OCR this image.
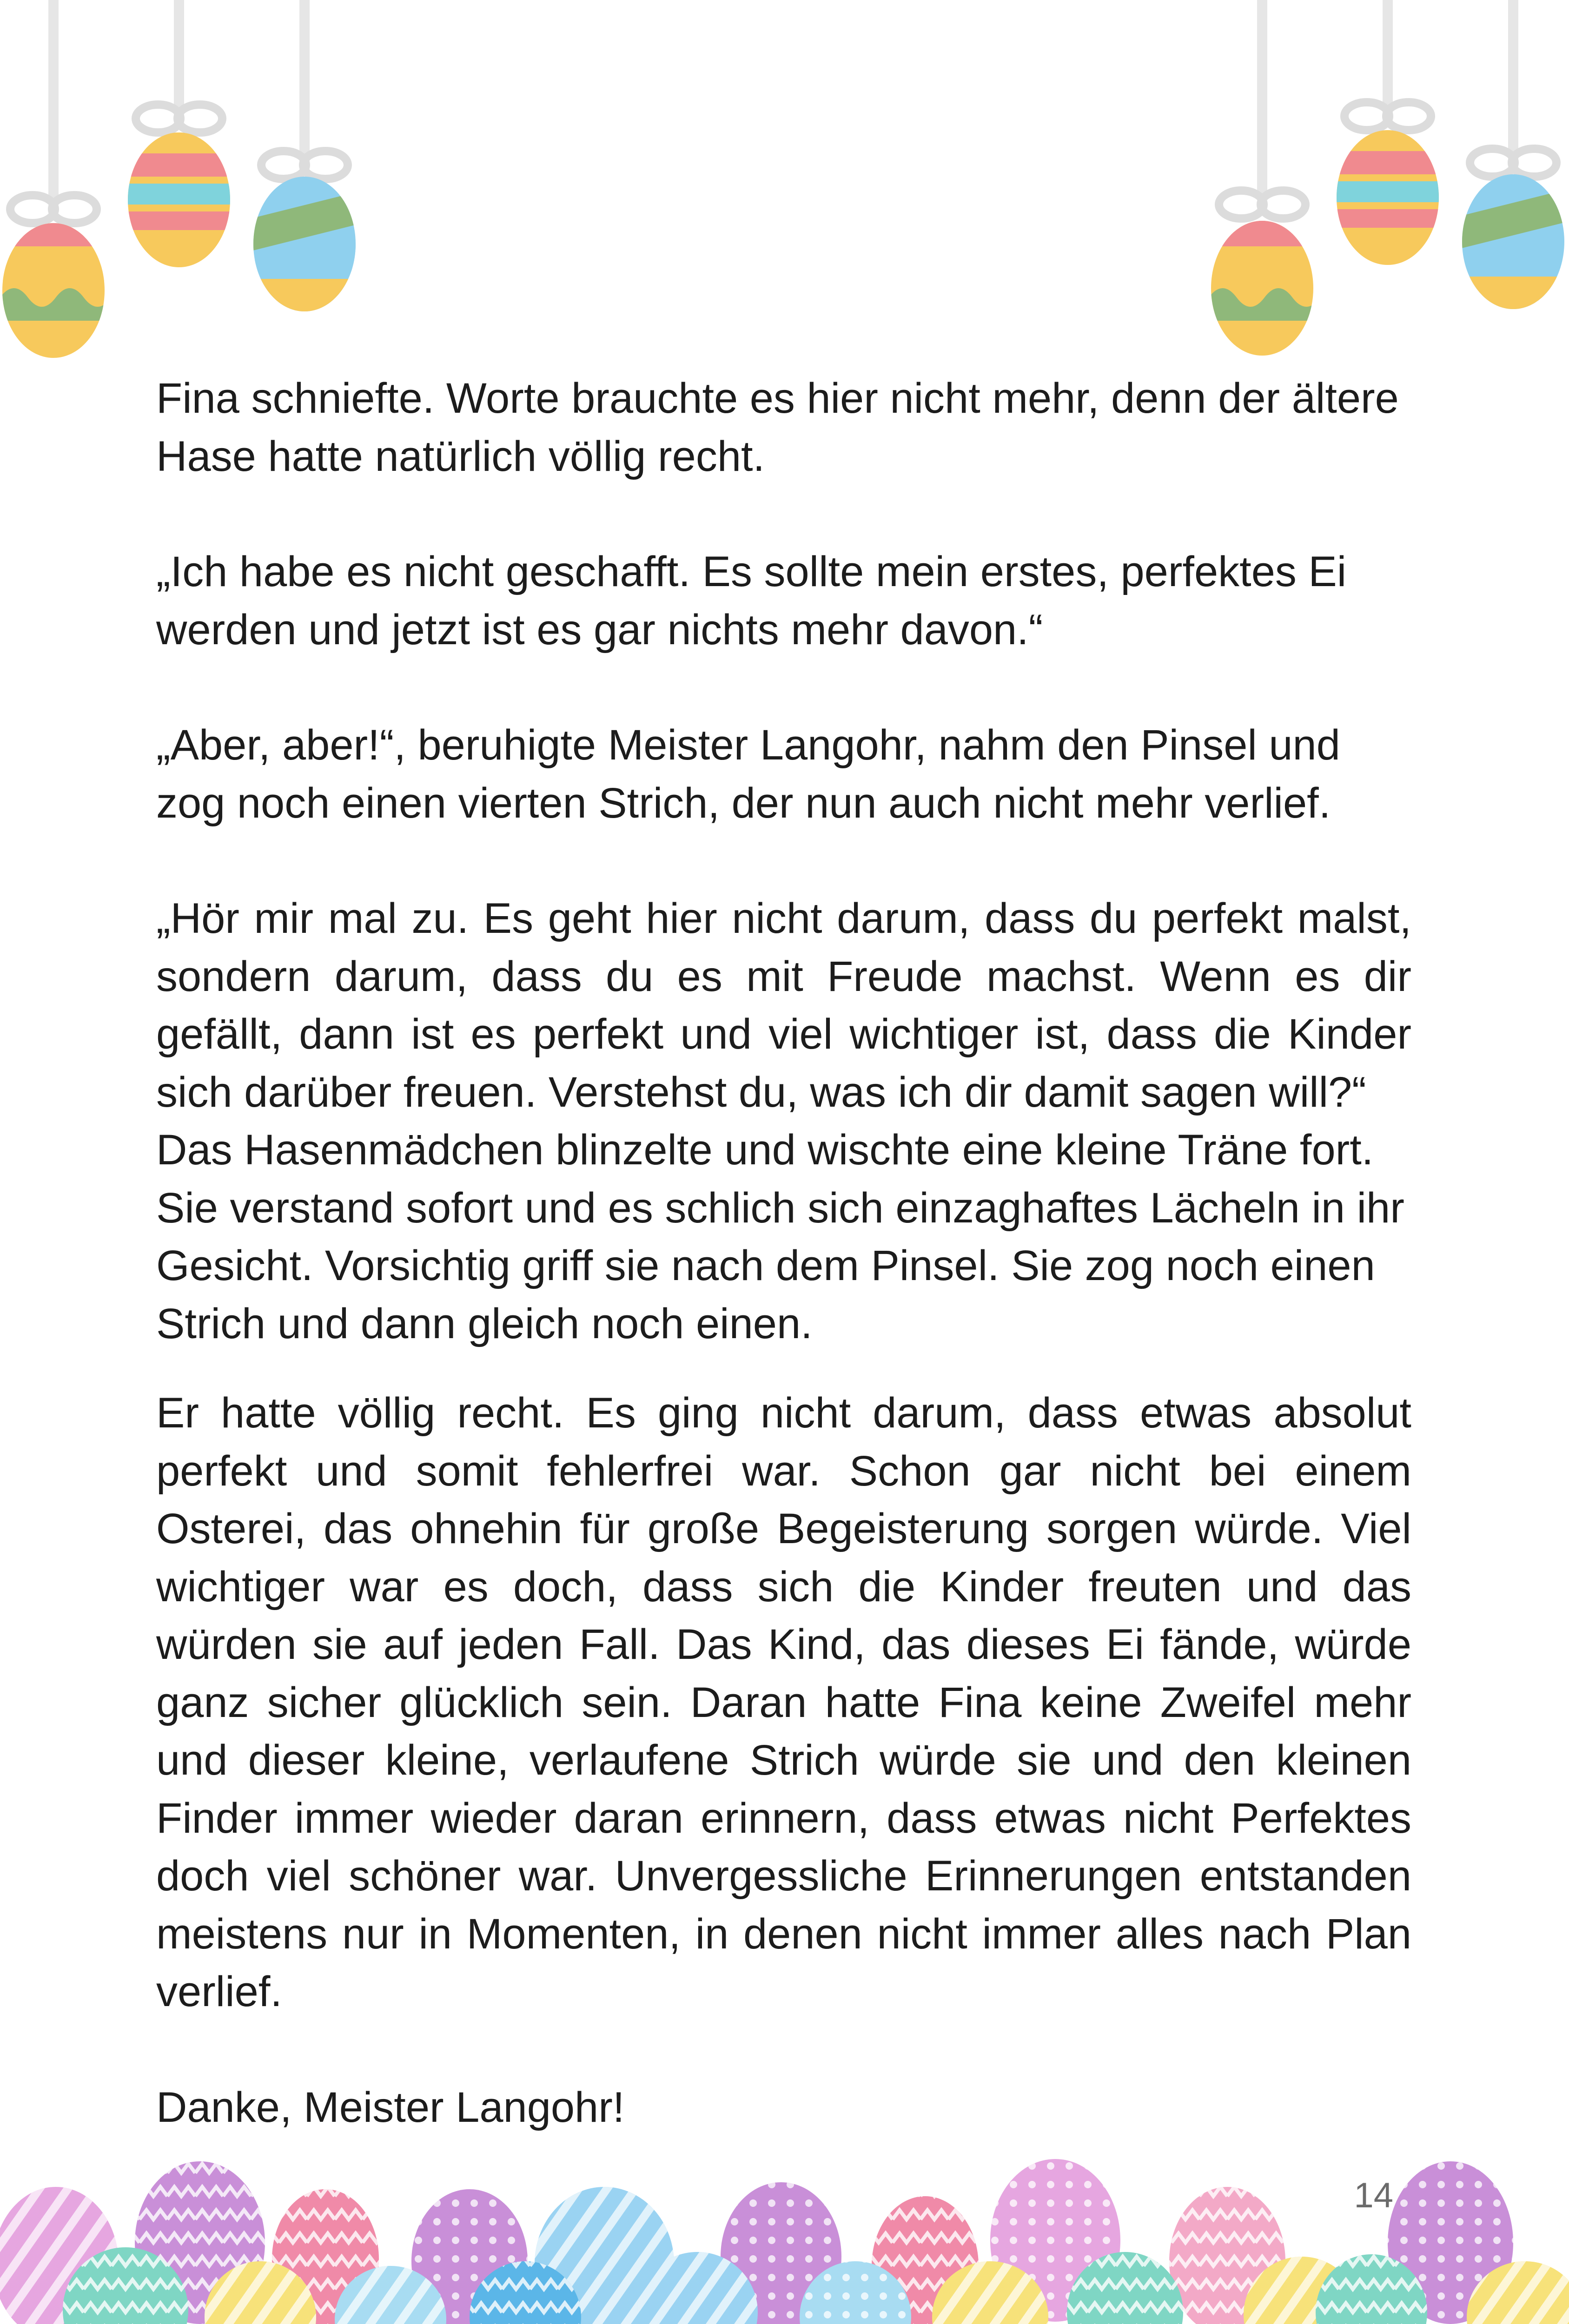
Fina schniefte. Worte brauchte es hier nicht mehr, denn der ältere Hase hatte natürlich völlig recht.

„Ich habe es nicht geschafft. Es sollte mein erstes, perfektes Ei werden und jetzt ist es gar nichts mehr davon.“

„Aber, aber!“, beruhigte Meister Langohr, nahm den Pinsel und zog noch einen vierten Strich, der nun auch nicht mehr verlief.

„Hör mir mal zu. Es geht hier nicht darum, dass du perfekt malst, sondern darum, dass du es mit Freude machst. Wenn es dir gefällt, dann ist es perfekt und viel wichtiger ist, dass die Kinder sich darüber freuen. Verstehst du, was ich dir damit sagen will?“

Das Hasenmädchen blinzelte und wischte eine kleine Träne fort. Sie verstand sofort und es schlich sich einzaghaftes Lächeln in ihr Gesicht. Vorsichtig griff sie nach dem Pinsel. Sie zog noch einen Strich und dann gleich noch einen.

Er hatte völlig recht. Es ging nicht darum, dass etwas absolut perfekt und somit fehlerfrei war. Schon gar nicht bei einem Osterei, das ohnehin für große Begeisterung sorgen würde. Viel wichtiger war es doch, dass sich die Kinder freuten und das würden sie auf jeden Fall. Das Kind, das dieses Ei fände, würde ganz sicher glücklich sein. Daran hatte Fina keine Zweifel mehr und dieser kleine, verlaufene Strich würde sie und den kleinen Finder immer wieder daran erinnern, dass etwas nicht Perfektes doch viel schöner war. Unvergessliche Erinnerungen entstanden meistens nur in Momenten, in denen nicht immer alles nach Plan verlief.

Danke, Meister Langohr!

14
